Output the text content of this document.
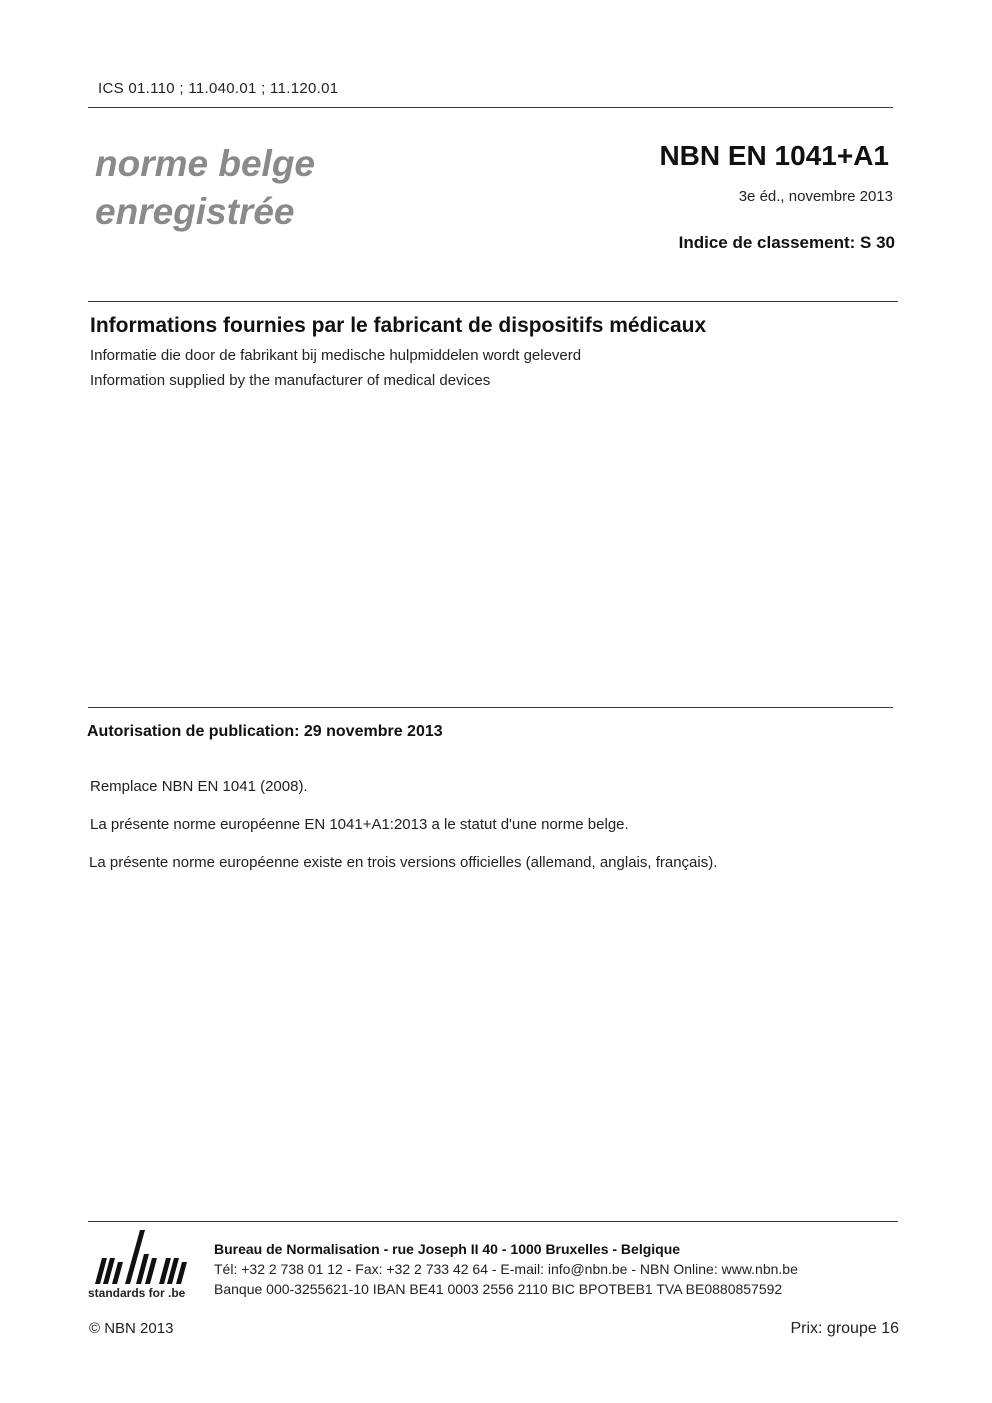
ICS 01.110 ; 11.040.01 ; 11.120.01
norme belge
enregistrée
NBN EN 1041+A1
3e éd., novembre 2013
Indice de classement: S 30
Informations fournies par le fabricant de dispositifs médicaux
Informatie die door de fabrikant bij medische hulpmiddelen wordt geleverd
Information supplied by the manufacturer of medical devices
Autorisation de publication: 29 novembre 2013
Remplace NBN EN 1041 (2008).
La présente norme européenne EN 1041+A1:2013 a le statut d'une norme belge.
La présente norme européenne existe en trois versions officielles (allemand, anglais, français).
standards for .be
Bureau de Normalisation - rue Joseph II 40 - 1000 Bruxelles - Belgique
Tél: +32 2 738 01 12 - Fax: +32 2 733 42 64 - E-mail: info@nbn.be - NBN Online: www.nbn.be
Banque 000-3255621-10 IBAN BE41 0003 2556 2110 BIC BPOTBEB1 TVA BE0880857592
© NBN 2013	Prix: groupe 16
